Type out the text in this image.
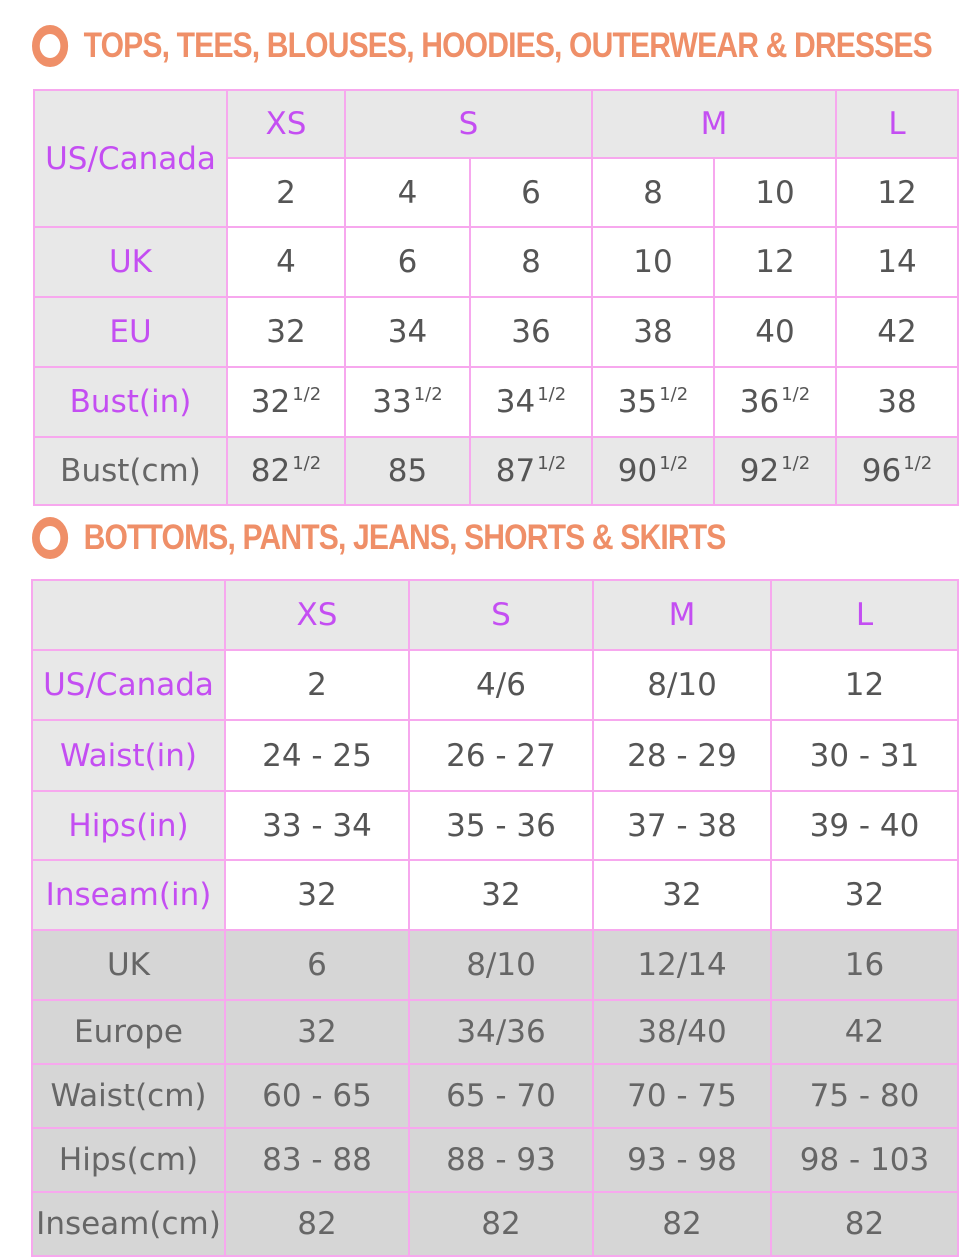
TOPS, TEES, BLOUSES, HOODIES, OUTERWEAR & DRESSES
US/Canada	XS	S		M		L
	2	4	6	8	10	12
UK	4	6	8	10	12	14
EU	32	34	36	38	40	42
Bust(in)	32 $^{1/2}$	33 $^{1/2}$	34 $^{1/2}$	35 $^{1/2}$	36 $^{1/2}$	38
Bust(cm)	82 $^{1/2}$	85	87 $^{1/2}$	90 $^{1/2}$	92 $^{1/2}$	96 $^{1/2}$
BOTTOMS, PANTS, JEANS, SHORTS & SKIRTS
	XS	S	M	L
US/Canada	2	4/6	8/10	12
Waist(in)	24 - 25	26 - 27	28 - 29	30 - 31
Hips(in)	33 - 34	35 - 36	37 - 38	39 - 40
Inseam(in)	32	32	32	32
UK	6	8/10	12/14	16
Europe	32	34/36	38/40	42
Waist(cm)	60 - 65	65 - 70	70 - 75	75 - 80
Hips(cm)	83 - 88	88 - 93	93 - 98	98 - 103
Inseam(cm)	82	82	82	82
